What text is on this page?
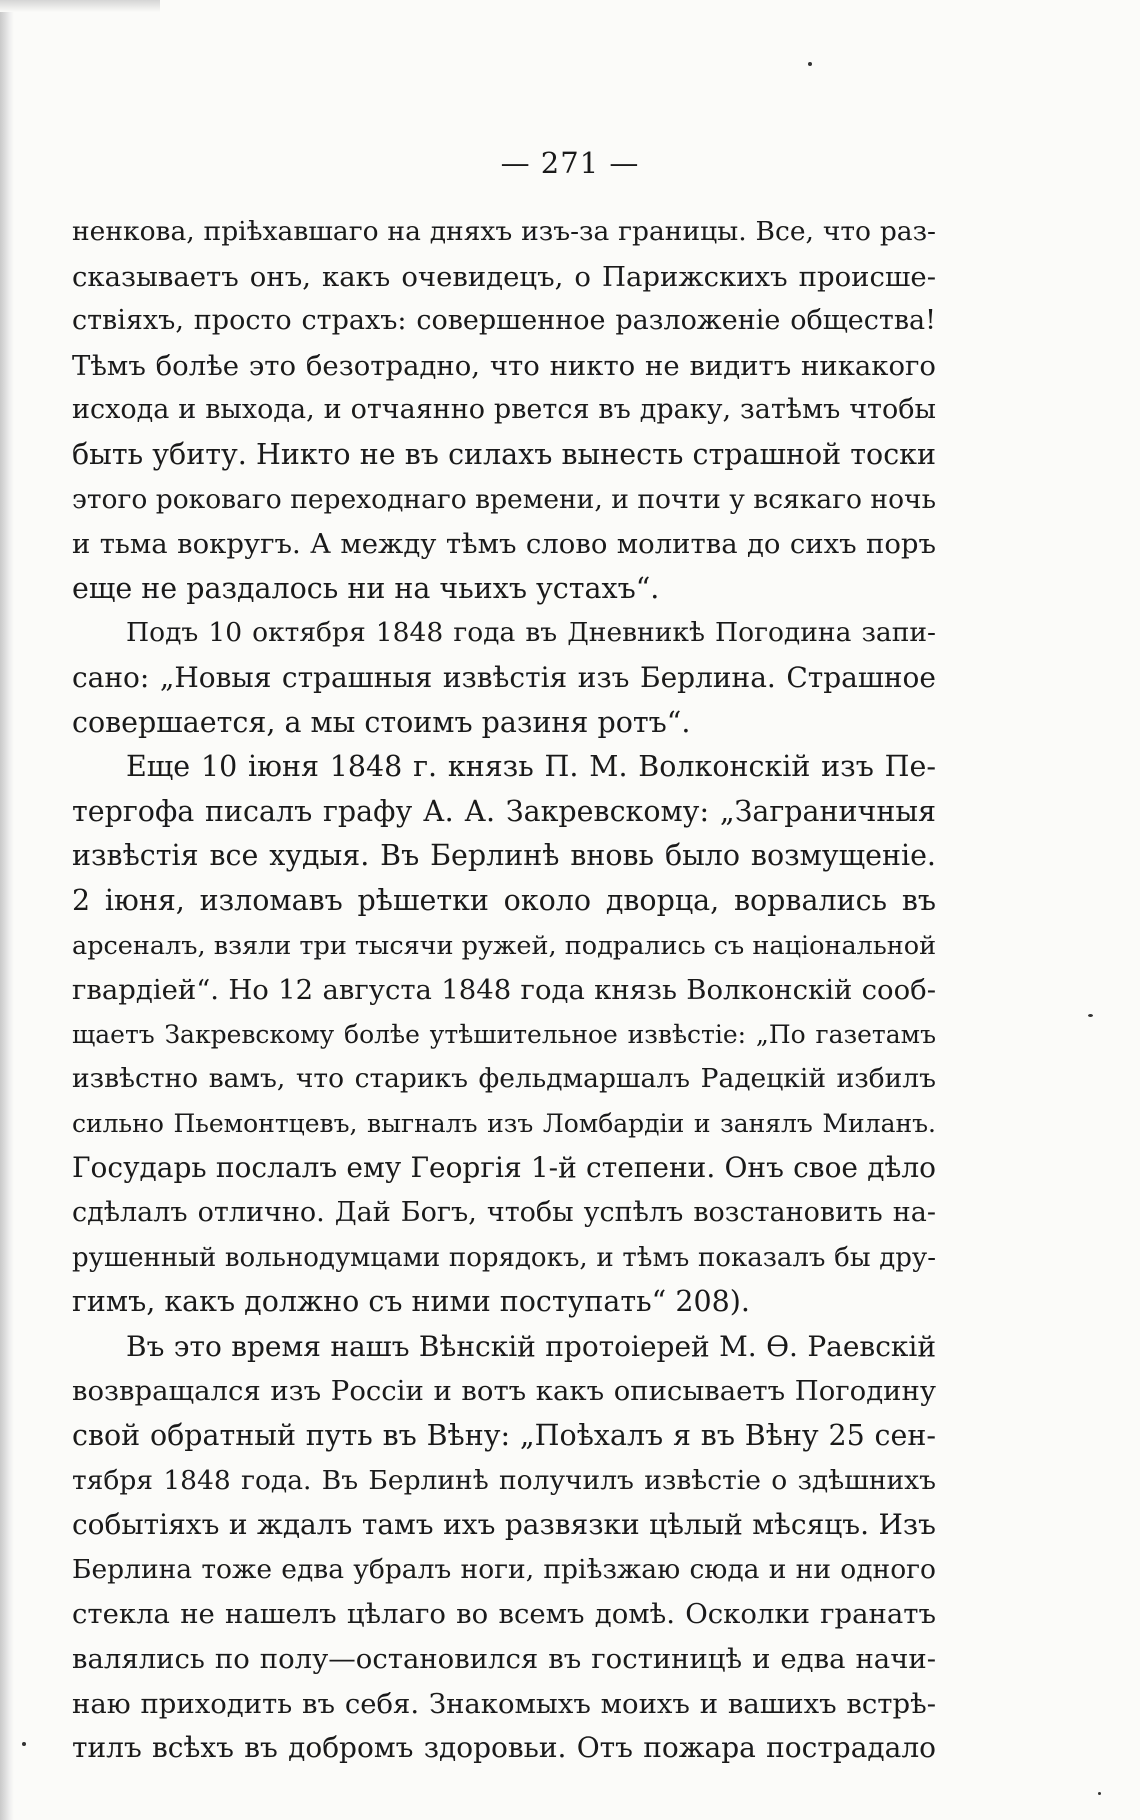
— 271 —
ненкова, пріѣхавшаго на дняхъ изъ-за границы. Все, что раз-
сказываетъ онъ, какъ очевидецъ, о Парижскихъ происше-
ствіяхъ, просто страхъ: совершенное разложеніе общества!
Тѣмъ болѣе это безотрадно, что никто не видитъ никакого
исхода и выхода, и отчаянно рвется въ драку, затѣмъ чтобы
быть убиту. Никто не въ силахъ вынесть страшной тоски
этого роковаго переходнаго времени, и почти у всякаго ночь
и тьма вокругъ. А между тѣмъ слово молитва до сихъ поръ
еще не раздалось ни на чьихъ устахъ“.
Подъ 10 октября 1848 года въ Дневникѣ Погодина запи-
сано: „Новыя страшныя извѣстія изъ Берлина. Страшное
совершается, а мы стоимъ разиня ротъ“.
Еще 10 іюня 1848 г. князь П. М. Волконскій изъ Пе-
тергофа писалъ графу А. А. Закревскому: „Заграничныя
извѣстія все худыя. Въ Берлинѣ вновь было возмущеніе.
2 іюня, изломавъ рѣшетки около дворца, ворвались въ
арсеналъ, взяли три тысячи ружей, подрались съ національной
гвардіей“. Но 12 августа 1848 года князь Волконскій сооб-
щаетъ Закревскому болѣе утѣшительное извѣстіе: „По газетамъ
извѣстно вамъ, что старикъ фельдмаршалъ Радецкій избилъ
сильно Пьемонтцевъ, выгналъ изъ Ломбардіи и занялъ Миланъ.
Государь послалъ ему Георгія 1-й степени. Онъ свое дѣло
сдѣлалъ отлично. Дай Богъ, чтобы успѣлъ возстановить на-
рушенный вольнодумцами порядокъ, и тѣмъ показалъ бы дру-
гимъ, какъ должно съ ними поступать“ 208).
Въ это время нашъ Вѣнскій протоіерей М. Ѳ. Раевскій
возвращался изъ Россіи и вотъ какъ описываетъ Погодину
свой обратный путь въ Вѣну: „Поѣхалъ я въ Вѣну 25 сен-
тября 1848 года. Въ Берлинѣ получилъ извѣстіе о здѣшнихъ
событіяхъ и ждалъ тамъ ихъ развязки цѣлый мѣсяцъ. Изъ
Берлина тоже едва убралъ ноги, пріѣзжаю сюда и ни одного
стекла не нашелъ цѣлаго во всемъ домѣ. Осколки гранатъ
валялись по полу—остановился въ гостиницѣ и едва начи-
наю приходить въ себя. Знакомыхъ моихъ и вашихъ встрѣ-
тилъ всѣхъ въ добромъ здоровьи. Отъ пожара пострадало
